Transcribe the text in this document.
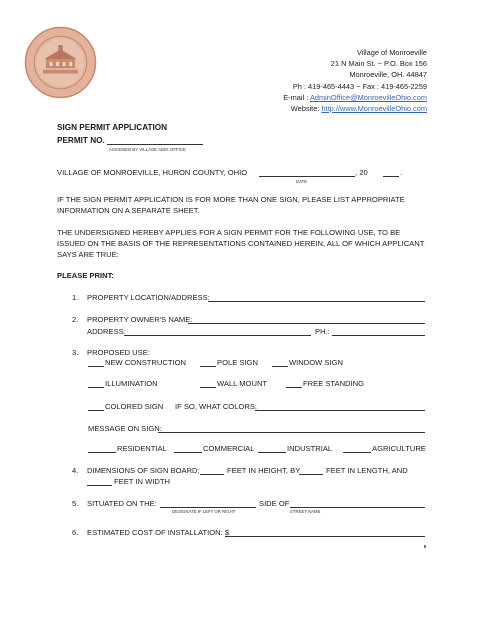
Village of Monroeville
21 N Main St. ~ P.O. Box 156
Monroeville, OH. 44847
Ph : 419-465-4443 ~ Fax : 419-465-2259
E-mail : AdminOffice@MonroevilleOhio.com
Website: http://www.MonroevilleOhio.com
SIGN PERMIT APPLICATION
PERMIT NO.
ASSIGNED BY VILLAGE ADM. OFFICE
VILLAGE OF MONROEVILLE, HURON COUNTY, OHIO	, 20	.
DATE
IF THE SIGN PERMIT APPLICATION IS FOR MORE THAN ONE SIGN, PLEASE LIST APPROPRIATE INFORMATION ON A SEPARATE SHEET.
THE UNDERSIGNED HEREBY APPLIES FOR A SIGN PERMIT FOR THE FOLLOWING USE, TO BE ISSUED ON THE BASIS OF THE REPRESENTATIONS CONTAINED HEREIN, ALL OF WHICH APPLICANT SAYS ARE TRUE:
PLEASE PRINT:
1. PROPERTY LOCATION/ADDRESS:
2. PROPERTY OWNER'S NAME:
ADDRESS:	PH.:
3. PROPOSED USE:
NEW CONSTRUCTION	POLE SIGN	WINDOW SIGN
ILLUMINATION	WALL MOUNT	FREE STANDING
COLORED SIGN IF SO, WHAT COLORS:
MESSAGE ON SIGN:
RESIDENTIAL	COMMERCIAL	INDUSTRIAL	AGRICULTURE
4. DIMENSIONS OF SIGN BOARD:	FEET IN HEIGHT, BY	FEET IN LENGTH, AND
FEET IN WIDTH
5. SITUATED ON THE:	SIDE OF
DESIGNATE IF LEFT OR RIGHT	STREET NAME
6. ESTIMATED COST OF INSTALLATION: $
